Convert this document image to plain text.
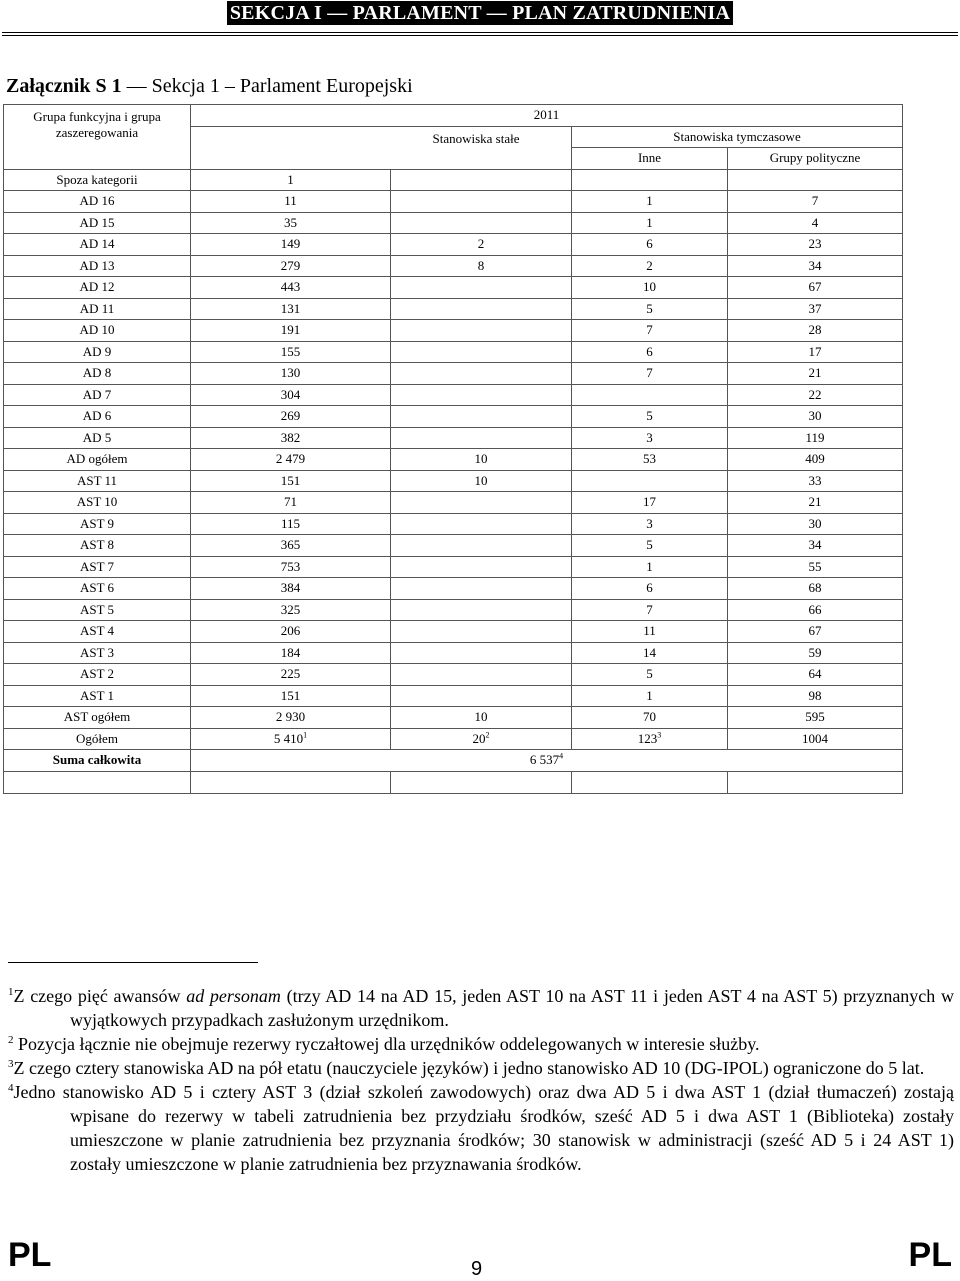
SEKCJA I — PARLAMENT — PLAN ZATRUDNIENIA
Załącznik S 1 — Sekcja 1 – Parlament Europejski
Grupa funkcyjna i grupa zaszeregowania	2011			
	Stanowiska stałe		Stanowiska tymczasowe	
			Inne	Grupy polityczne
Spoza kategorii	1			
AD 16	11		1	7
AD 15	35		1	4
AD 14	149	2	6	23
AD 13	279	8	2	34
AD 12	443		10	67
AD 11	131		5	37
AD 10	191		7	28
AD 9	155		6	17
AD 8	130		7	21
AD 7	304			22
AD 6	269		5	30
AD 5	382		3	119
AD ogółem	2 479	10	53	409
AST 11	151	10		33
AST 10	71		17	21
AST 9	115		3	30
AST 8	365		5	34
AST 7	753		1	55
AST 6	384		6	68
AST 5	325		7	66
AST 4	206		11	67
AST 3	184		14	59
AST 2	225		5	64
AST 1	151		1	98
AST ogółem	2 930	10	70	595
Ogółem	5 $410^1$	$20^2$	$123^3$	1004
Suma całkowita	6 $537^4$

$^1$Z czego pięć awansów ad personam (trzy AD 14 na AD 15, jeden AST 10 na AST 11 i jeden AST 4 na AST 5) przyznanych w wyjątkowych przypadkach zasłużonym urzędnikom.

$^2$ Pozycja łącznie nie obejmuje rezerwy ryczałtowej dla urzędników oddelegowanych w interesie służby.

$^3$Z czego cztery stanowiska AD na pół etatu (nauczyciele języków) i jedno stanowisko AD 10 (DG-IPOL) ograniczone do 5 lat.

$^4$Jedno stanowisko AD 5 i cztery AST 3 (dział szkoleń zawodowych) oraz dwa AD 5 i dwa AST 1 (dział tłumaczeń) zostają wpisane do rezerwy w tabeli zatrudnienia bez przydziału środków, sześć AD 5 i dwa AST 1 (Biblioteka) zostały umieszczone w planie zatrudnienia bez przyznania środków; 30 stanowisk w administracji (sześć AD 5 i 24 AST 1) zostały umieszczone w planie zatrudnienia bez przyznawania środków.

PL	9	PL
